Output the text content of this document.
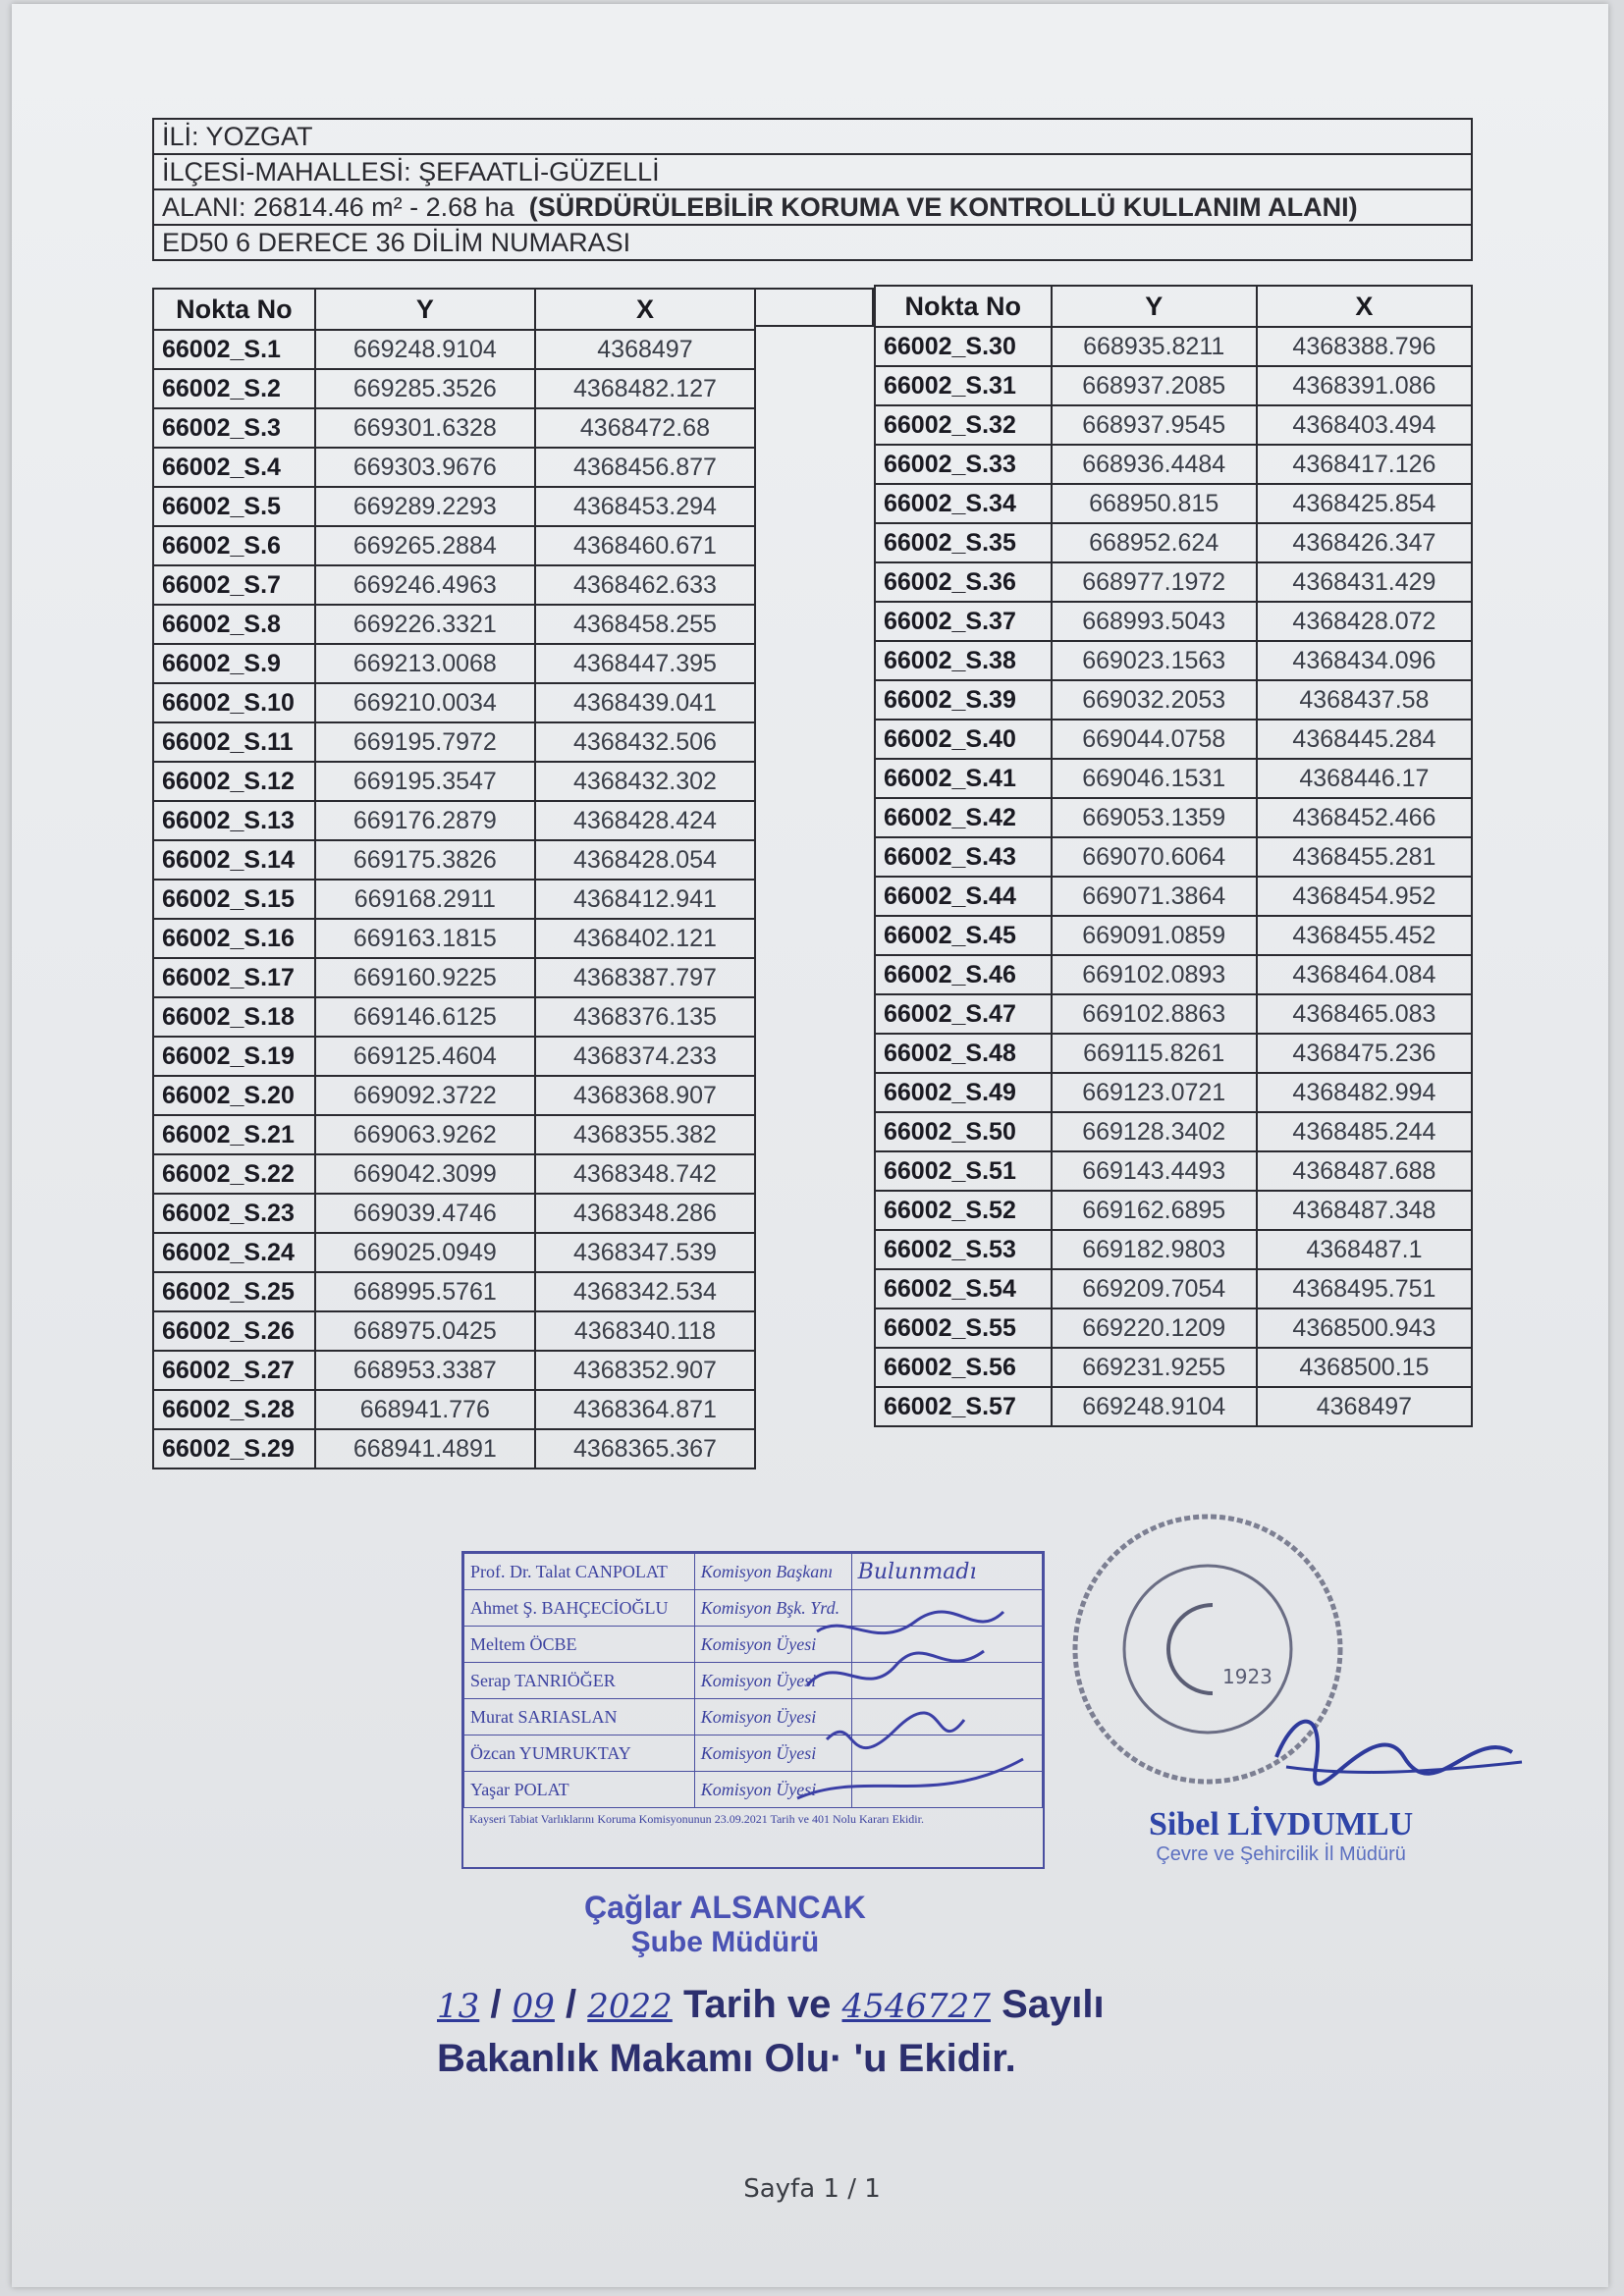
İLİ: YOZGAT
İLÇESİ-MAHALLESİ: ŞEFAATLİ-GÜZELLİ
ALANI: 26814.46 m² - 2.68 ha (SÜRDÜRÜLEBİLİR KORUMA VE KONTROLLÜ KULLANIM ALANI)
ED50 6 DERECE 36 DİLİM NUMARASI
Nokta No	Y	X
66002_S.1	669248.9104	4368497
66002_S.2	669285.3526	4368482.127
66002_S.3	669301.6328	4368472.68
66002_S.4	669303.9676	4368456.877
66002_S.5	669289.2293	4368453.294
66002_S.6	669265.2884	4368460.671
66002_S.7	669246.4963	4368462.633
66002_S.8	669226.3321	4368458.255
66002_S.9	669213.0068	4368447.395
66002_S.10	669210.0034	4368439.041
66002_S.11	669195.7972	4368432.506
66002_S.12	669195.3547	4368432.302
66002_S.13	669176.2879	4368428.424
66002_S.14	669175.3826	4368428.054
66002_S.15	669168.2911	4368412.941
66002_S.16	669163.1815	4368402.121
66002_S.17	669160.9225	4368387.797
66002_S.18	669146.6125	4368376.135
66002_S.19	669125.4604	4368374.233
66002_S.20	669092.3722	4368368.907
66002_S.21	669063.9262	4368355.382
66002_S.22	669042.3099	4368348.742
66002_S.23	669039.4746	4368348.286
66002_S.24	669025.0949	4368347.539
66002_S.25	668995.5761	4368342.534
66002_S.26	668975.0425	4368340.118
66002_S.27	668953.3387	4368352.907
66002_S.28	668941.776	4368364.871
66002_S.29	668941.4891	4368365.367
Nokta No	Y	X
66002_S.30	668935.8211	4368388.796
66002_S.31	668937.2085	4368391.086
66002_S.32	668937.9545	4368403.494
66002_S.33	668936.4484	4368417.126
66002_S.34	668950.815	4368425.854
66002_S.35	668952.624	4368426.347
66002_S.36	668977.1972	4368431.429
66002_S.37	668993.5043	4368428.072
66002_S.38	669023.1563	4368434.096
66002_S.39	669032.2053	4368437.58
66002_S.40	669044.0758	4368445.284
66002_S.41	669046.1531	4368446.17
66002_S.42	669053.1359	4368452.466
66002_S.43	669070.6064	4368455.281
66002_S.44	669071.3864	4368454.952
66002_S.45	669091.0859	4368455.452
66002_S.46	669102.0893	4368464.084
66002_S.47	669102.8863	4368465.083
66002_S.48	669115.8261	4368475.236
66002_S.49	669123.0721	4368482.994
66002_S.50	669128.3402	4368485.244
66002_S.51	669143.4493	4368487.688
66002_S.52	669162.6895	4368487.348
66002_S.53	669182.9803	4368487.1
66002_S.54	669209.7054	4368495.751
66002_S.55	669220.1209	4368500.943
66002_S.56	669231.9255	4368500.15
66002_S.57	669248.9104	4368497
Prof. Dr. Talat CANPOLAT	Komisyon Başkanı	Bulunmadı
Ahmet Ş. BAHÇECİOĞLU	Komisyon Bşk. Yrd.	
Meltem ÖCBE	Komisyon Üyesi	
Serap TANRIÖĞER	Komisyon Üyesi	
Murat SARIASLAN	Komisyon Üyesi	
Özcan YUMRUKTAY	Komisyon Üyesi	
Yaşar POLAT	Komisyon Üyesi	
Kayseri Tabiat Varlıklarını Koruma Komisyonunun 23.09.2021 Tarih ve 401 Nolu Kararı Ekidir.
1923
Sibel LİVDUMLU
Çevre ve Şehircilik İl Müdürü
Çağlar ALSANCAK
Şube Müdürü
13 / 09 / 2022 Tarih ve 4546727 Sayılı
Bakanlık Makamı Olu· 'u Ekidir.
Sayfa 1 / 1
